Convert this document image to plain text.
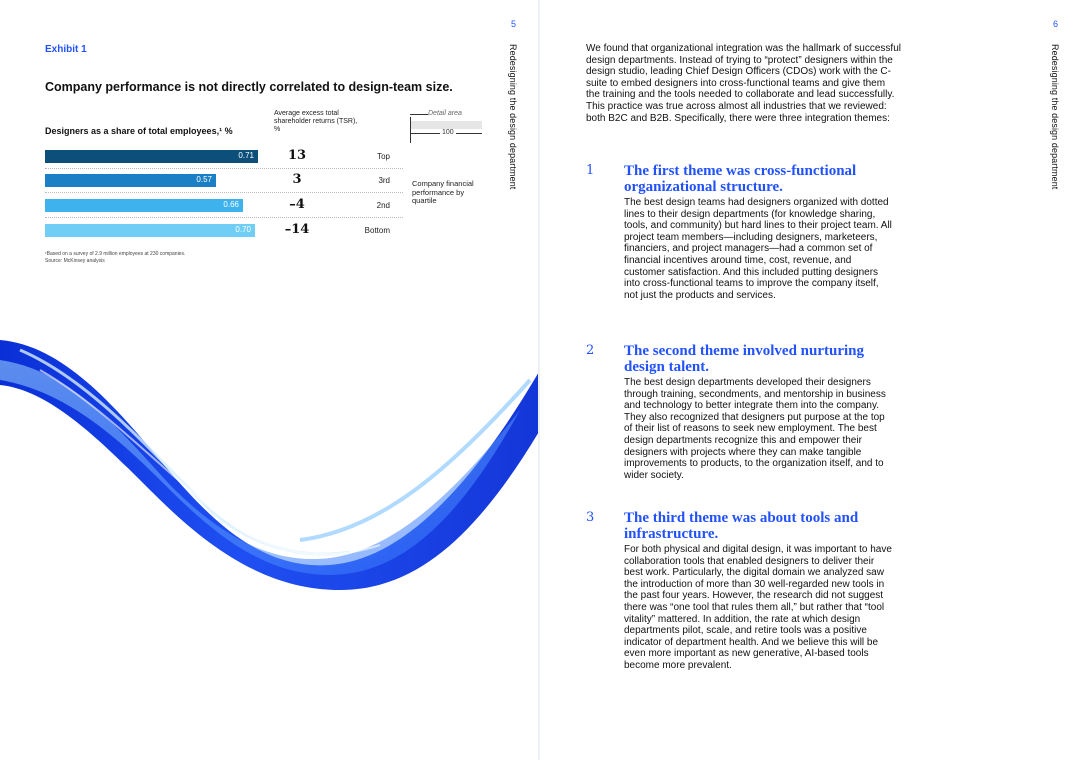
5
Redesigning the design department
Exhibit 1
Company performance is not directly correlated to design-team size.
Designers as a share of total employees,¹ %
Average excess total shareholder returns (TSR), %
Detail area
100
0.71	13	Top
0.57	3	3rd
0.66	–4	2nd
0.70	–14	Bottom
Company financial performance by quartile
¹Based on a survey of 2.9 million employees at 230 companies.
Source: McKinsey analysis
6
Redesigning the design department
We found that organizational integration was the hallmark of successful design departments. Instead of trying to “protect” designers within the design studio, leading Chief Design Officers (CDOs) work with the C-suite to embed designers into cross-functional teams and give them the training and the tools needed to collaborate and lead successfully. This practice was true across almost all industries that we reviewed: both B2C and B2B. Specifically, there were three integration themes:
1 The first theme was cross-functional organizational structure.
The best design teams had designers organized with dotted lines to their design departments (for knowledge sharing, tools, and community) but hard lines to their project team. All project team members—including designers, marketeers, financiers, and project managers—had a common set of financial incentives around time, cost, revenue, and customer satisfaction. And this included putting designers into cross-functional teams to improve the company itself, not just the products and services.
2 The second theme involved nurturing design talent.
The best design departments developed their designers through training, secondments, and mentorship in business and technology to better integrate them into the company. They also recognized that designers put purpose at the top of their list of reasons to seek new employment. The best design departments recognize this and empower their designers with projects where they can make tangible improvements to products, to the organization itself, and to wider society.
3 The third theme was about tools and infrastructure.
For both physical and digital design, it was important to have collaboration tools that enabled designers to deliver their best work. Particularly, the digital domain we analyzed saw the introduction of more than 30 well-regarded new tools in the past four years. However, the research did not suggest there was “one tool that rules them all,” but rather that “tool vitality” mattered. In addition, the rate at which design departments pilot, scale, and retire tools was a positive indicator of department health. And we believe this will be even more important as new generative, AI-based tools become more prevalent.
